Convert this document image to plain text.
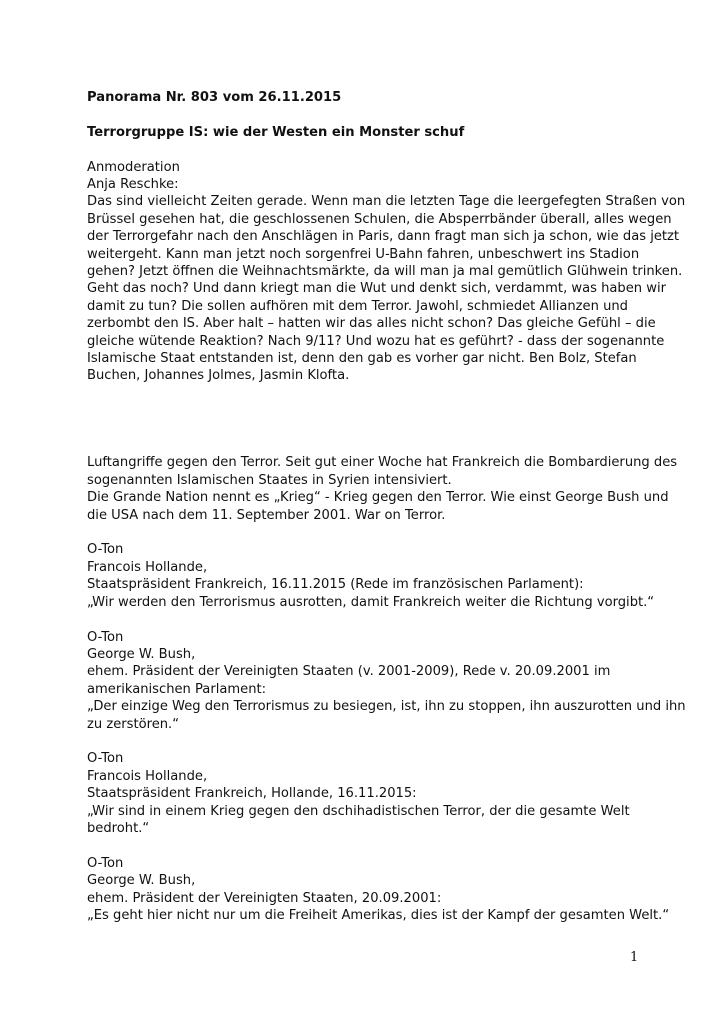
Panorama Nr. 803 vom 26.11.2015
Terrorgruppe IS: wie der Westen ein Monster schuf
Anmoderation
Anja Reschke:
Das sind vielleicht Zeiten gerade. Wenn man die letzten Tage die leergefegten Straßen von
Brüssel gesehen hat, die geschlossenen Schulen, die Absperrbänder überall, alles wegen
der Terrorgefahr nach den Anschlägen in Paris, dann fragt man sich ja schon, wie das jetzt
weitergeht. Kann man jetzt noch sorgenfrei U-Bahn fahren, unbeschwert ins Stadion
gehen? Jetzt öffnen die Weihnachtsmärkte, da will man ja mal gemütlich Glühwein trinken.
Geht das noch? Und dann kriegt man die Wut und denkt sich, verdammt, was haben wir
damit zu tun? Die sollen aufhören mit dem Terror. Jawohl, schmiedet Allianzen und
zerbombt den IS. Aber halt – hatten wir das alles nicht schon? Das gleiche Gefühl – die
gleiche wütende Reaktion? Nach 9/11? Und wozu hat es geführt? - dass der sogenannte
Islamische Staat entstanden ist, denn den gab es vorher gar nicht. Ben Bolz, Stefan
Buchen, Johannes Jolmes, Jasmin Klofta.
Luftangriffe gegen den Terror. Seit gut einer Woche hat Frankreich die Bombardierung des
sogenannten Islamischen Staates in Syrien intensiviert.
Die Grande Nation nennt es „Krieg“ - Krieg gegen den Terror. Wie einst George Bush und
die USA nach dem 11. September 2001. War on Terror.
O-Ton
Francois Hollande,
Staatspräsident Frankreich, 16.11.2015 (Rede im französischen Parlament):
„Wir werden den Terrorismus ausrotten, damit Frankreich weiter die Richtung vorgibt.“
O-Ton
George W. Bush,
ehem. Präsident der Vereinigten Staaten (v. 2001-2009), Rede v. 20.09.2001 im
amerikanischen Parlament:
„Der einzige Weg den Terrorismus zu besiegen, ist, ihn zu stoppen, ihn auszurotten und ihn
zu zerstören.“
O-Ton
Francois Hollande,
Staatspräsident Frankreich, Hollande, 16.11.2015:
„Wir sind in einem Krieg gegen den dschihadistischen Terror, der die gesamte Welt
bedroht.“
O-Ton
George W. Bush,
ehem. Präsident der Vereinigten Staaten, 20.09.2001:
„Es geht hier nicht nur um die Freiheit Amerikas, dies ist der Kampf der gesamten Welt.“
1
